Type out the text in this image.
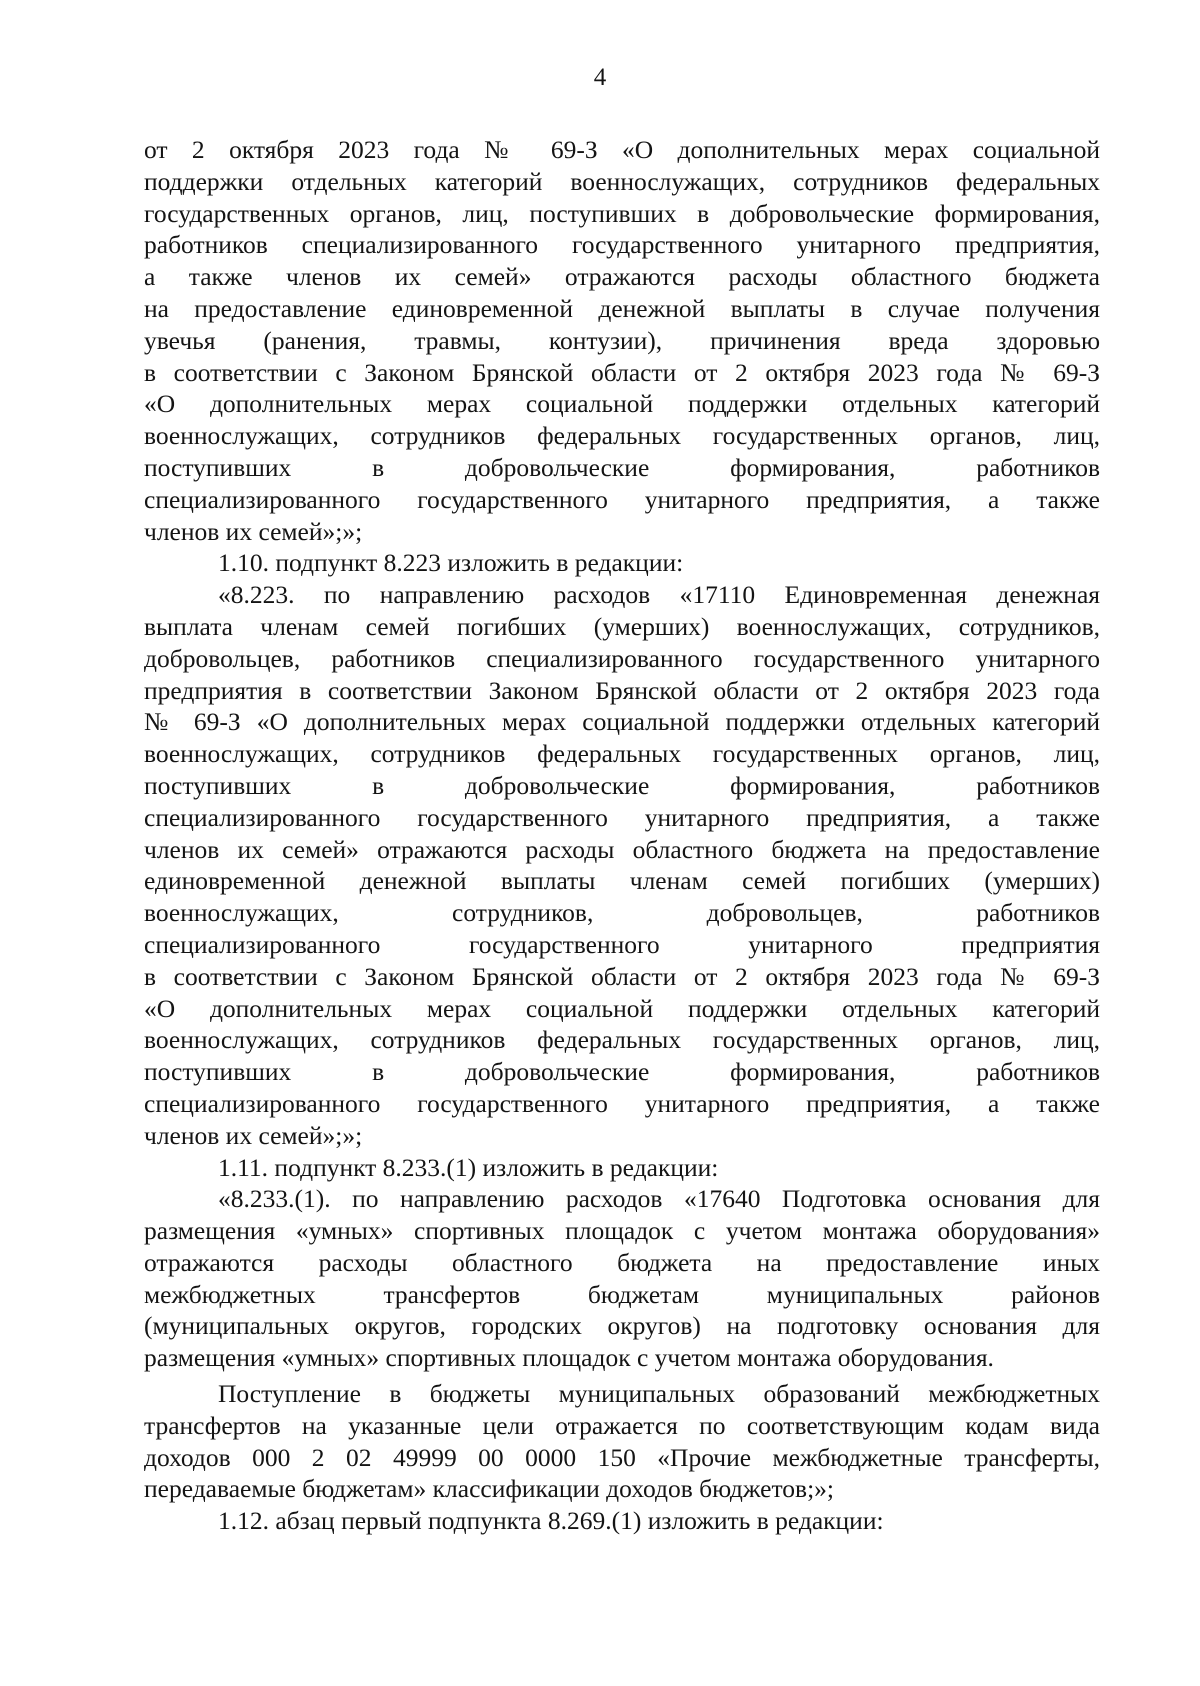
4
от 2 октября 2023 года № 69-З «О дополнительных мерах социальной
поддержки отдельных категорий военнослужащих, сотрудников федеральных
государственных органов, лиц, поступивших в добровольческие формирования,
работников специализированного государственного унитарного предприятия,
а также членов их семей» отражаются расходы областного бюджета
на предоставление единовременной денежной выплаты в случае получения
увечья (ранения, травмы, контузии), причинения вреда здоровью
в соответствии с Законом Брянской области от 2 октября 2023 года № 69-З
«О дополнительных мерах социальной поддержки отдельных категорий
военнослужащих, сотрудников федеральных государственных органов, лиц,
поступивших в добровольческие формирования, работников
специализированного государственного унитарного предприятия, а также
членов их семей»;»;
1.10. подпункт 8.223 изложить в редакции:
«8.223. по направлению расходов «17110 Единовременная денежная
выплата членам семей погибших (умерших) военнослужащих, сотрудников,
добровольцев, работников специализированного государственного унитарного
предприятия в соответствии Законом Брянской области от 2 октября 2023 года
№ 69-З «О дополнительных мерах социальной поддержки отдельных категорий
военнослужащих, сотрудников федеральных государственных органов, лиц,
поступивших в добровольческие формирования, работников
специализированного государственного унитарного предприятия, а также
членов их семей» отражаются расходы областного бюджета на предоставление
единовременной денежной выплаты членам семей погибших (умерших)
военнослужащих, сотрудников, добровольцев, работников
специализированного государственного унитарного предприятия
в соответствии с Законом Брянской области от 2 октября 2023 года № 69-З
«О дополнительных мерах социальной поддержки отдельных категорий
военнослужащих, сотрудников федеральных государственных органов, лиц,
поступивших в добровольческие формирования, работников
специализированного государственного унитарного предприятия, а также
членов их семей»;»;
1.11. подпункт 8.233.(1) изложить в редакции:
«8.233.(1). по направлению расходов «17640 Подготовка основания для
размещения «умных» спортивных площадок с учетом монтажа оборудования»
отражаются расходы областного бюджета на предоставление иных
межбюджетных трансфертов бюджетам муниципальных районов
(муниципальных округов, городских округов) на подготовку основания для
размещения «умных» спортивных площадок с учетом монтажа оборудования.
Поступление в бюджеты муниципальных образований межбюджетных
трансфертов на указанные цели отражается по соответствующим кодам вида
доходов 000 2 02 49999 00 0000 150 «Прочие межбюджетные трансферты,
передаваемые бюджетам» классификации доходов бюджетов;»;
1.12. абзац первый подпункта 8.269.(1) изложить в редакции:
